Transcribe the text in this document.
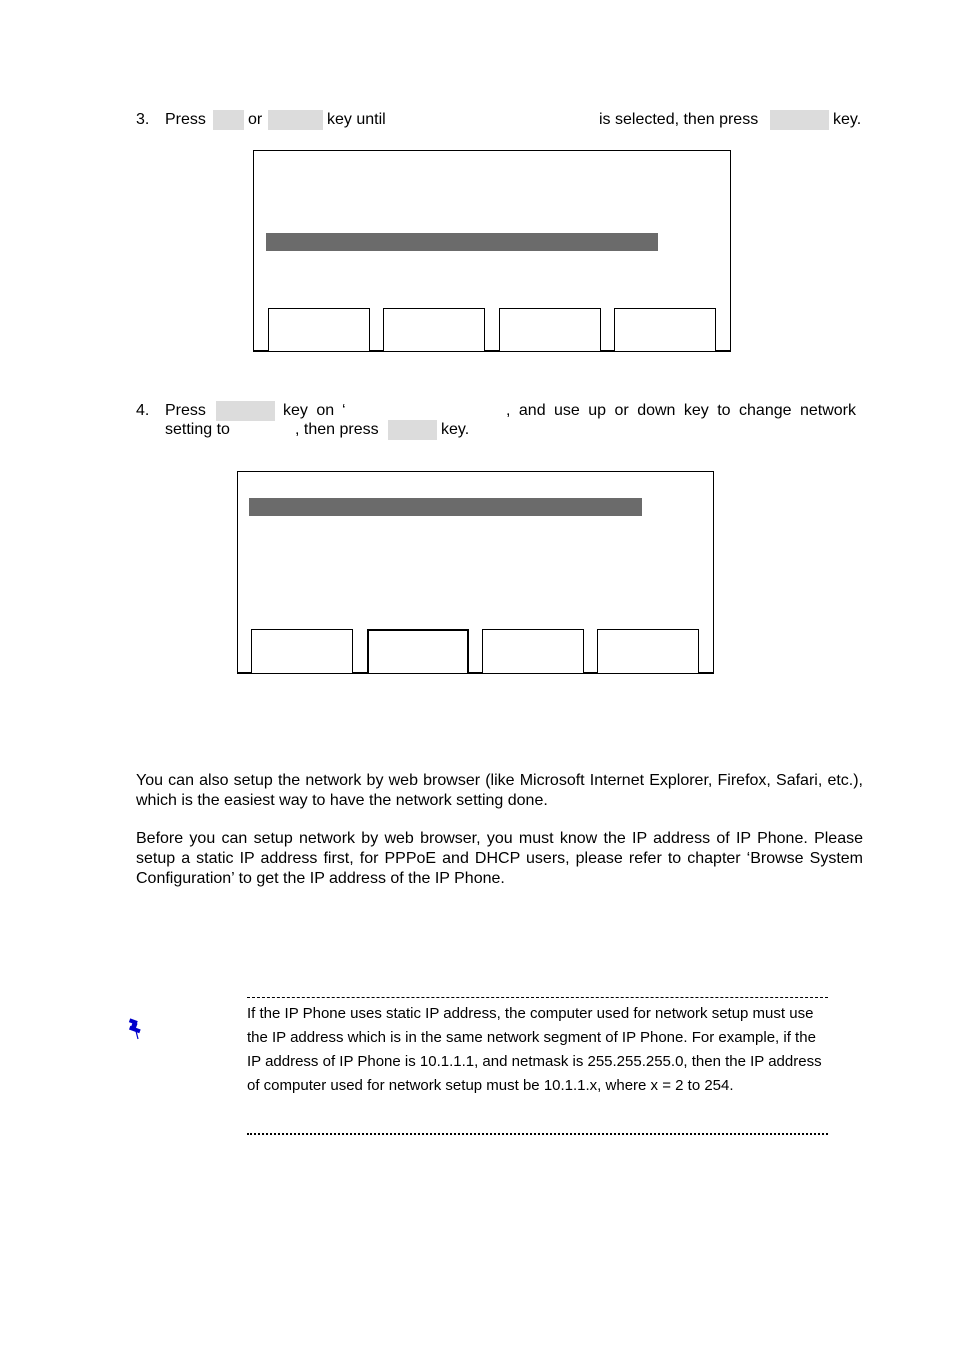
3. Press	or	key until	is selected, then press	key.
4. Press	key on ‘	, and use up or down key to change network
setting to	, then press	key.
You can also setup the network by web browser (like Microsoft Internet Explorer, Firefox, Safari, etc.), which is the easiest way to have the network setting done.
Before you can setup network by web browser, you must know the IP address of IP Phone. Please setup a static IP address first, for PPPoE and DHCP users, please refer to chapter ‘Browse System Configuration’ to get the IP address of the IP Phone.
If the IP Phone uses static IP address, the computer used for network setup must use the IP address which is in the same network segment of IP Phone. For example, if the IP address of IP Phone is 10.1.1.1, and netmask is 255.255.255.0, then the IP address of computer used for network setup must be 10.1.1.x, where x = 2 to 254.
